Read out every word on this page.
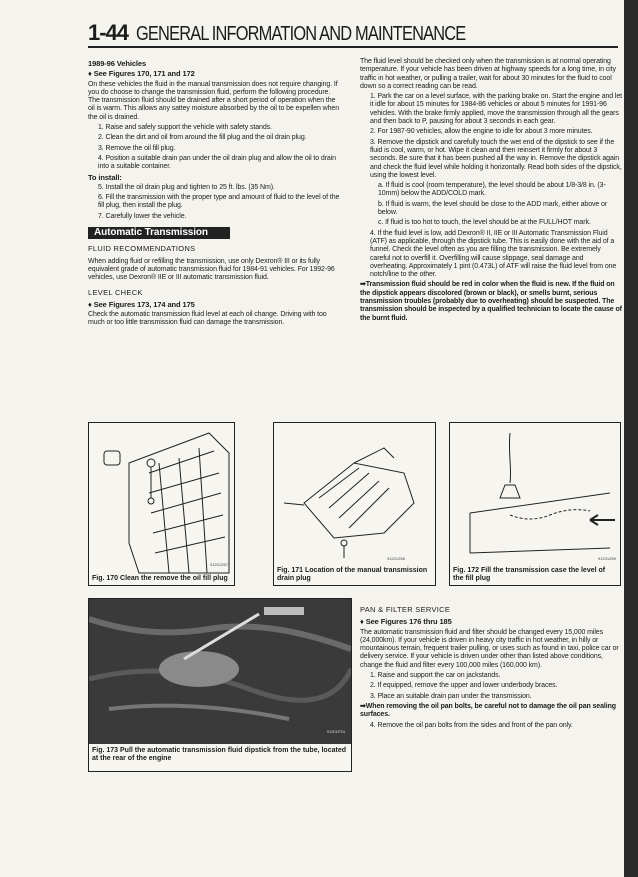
1-44 GENERAL INFORMATION AND MAINTENANCE
1989-96 Vehicles
♦ See Figures 170, 171 and 172

On these vehicles the fluid in the manual transmission does not require changing. If you do choose to change the transmission fluid, perform the following procedure. The transmission fluid should be drained after a short period of operation when the oil is warm. This allows any sattey moisture absorbed by the oil to be expellen when the oil is drained.

1. Raise and safely support the vehicle with safety stands.

2. Clean the dirt and oil from around the fill plug and the oil drain plug.

3. Remove the oil fill plug.

4. Position a suitable drain pan under the oil drain plug and allow the oil to drain into a suitable container.

To install:

5. Install the oil drain plug and tighten to 25 ft. lbs. (35 Nm).

6. Fill the transmission with the proper type and amount of fluid to the level of the fill plug, then install the plug.

7. Carefully lower the vehicle.

Automatic Transmission
FLUID RECOMMENDATIONS

When adding fluid or refilling the transmission, use only Dexron® III or its fully equivalent grade of automatic transmission fluid for 1984-91 vehicles. For 1992-96 vehicles, use Dexron® IIE or III automatic transmission fluid.

LEVEL CHECK
♦ See Figures 173, 174 and 175

Check the automatic transmission fluid level at each oil change. Driving with too much or too little transmission fluid can damage the transmission.

The fluid level should be checked only when the transmission is at normal operating temperature. If your vehicle has been driven at highway speeds for a long time, in city traffic in hot weather, or pulling a trailer, wait for about 30 minutes for the fluid to cool down so a correct reading can be read.

1. Park the car on a level surface, with the parking brake on. Start the engine and let it idle for about 15 minutes for 1984-86 vehicles or about 5 minutes for 1991-96 vehicles. With the brake firmly applied, move the transmission through all the gears and then back to P, pausing for about 3 seconds in each gear.

2. For 1987-90 vehicles, allow the engine to idle for about 3 more minutes.

3. Remove the dipstick and carefully touch the wet end of the dipstick to see if the fluid is cool, warm, or hot. Wipe it clean and then reinsert it firmly for about 3 seconds. Be sure that it has been pushed all the way in. Remove the dipstick again and check the fluid level while holding it horizontally. Read both sides of the dipstick, using the lowest level.

a. If fluid is cool (room temperature), the level should be about 1/8-3/8 in. (3-10mm) below the ADD/COLD mark.

b. If fluid is warm, the level should be close to the ADD mark, either above or below.

c. If fluid is too hot to touch, the level should be at the FULL/HOT mark.

4. If the fluid level is low, add Dexron® II, IIE or III Automatic Transmission Fluid (ATF) as applicable, through the dipstick tube. This is easily done with the aid of a funnel. Check the level often as you are filling the transmission. Be extremely careful not to overfill it. Overfilling will cause slippage, seal damage and overheating. Approximately 1 pint (0.473L) of ATF will raise the fluid level from one notch/line to the other.

➡Transmission fluid should be red in color when the fluid is new. If the fluid on the dipstick appears discolored (brown or black), or smells burnt, serious transmission troubles (probably due to overheating) should be suspected. The transmission should be inspected by a qualified technician to locate the cause of the burnt fluid.

91201Z67
Fig. 170 Clean the remove the oil fill plug
91201Z68
Fig. 171 Location of the manual transmission drain plug
91201Z69
Fig. 172 Fill the transmission case the level of the fill plug
91201P24
Fig. 173 Pull the automatic transmission fluid dipstick from the tube, located at the rear of the engine
PAN & FILTER SERVICE
♦ See Figures 176 thru 185

The automatic transmission fluid and filter should be changed every 15,000 miles (24,000km). If your vehicle is driven in heavy city traffic in hot weather, in hilly or mountainous terrain, frequent trailer pulling, or uses such as found in taxi, police car or delivery service. If your vehicle is driven under other than listed above conditions, change the fluid and filter every 100,000 miles (160,000 km).

1. Raise and support the car on jackstands.

2. If equipped, remove the upper and lower underbody braces.

3. Place an suitable drain pan under the transmission.

➡When removing the oil pan bolts, be careful not to damage the oil pan sealing surfaces.

4. Remove the oil pan bolts from the sides and front of the pan only.
